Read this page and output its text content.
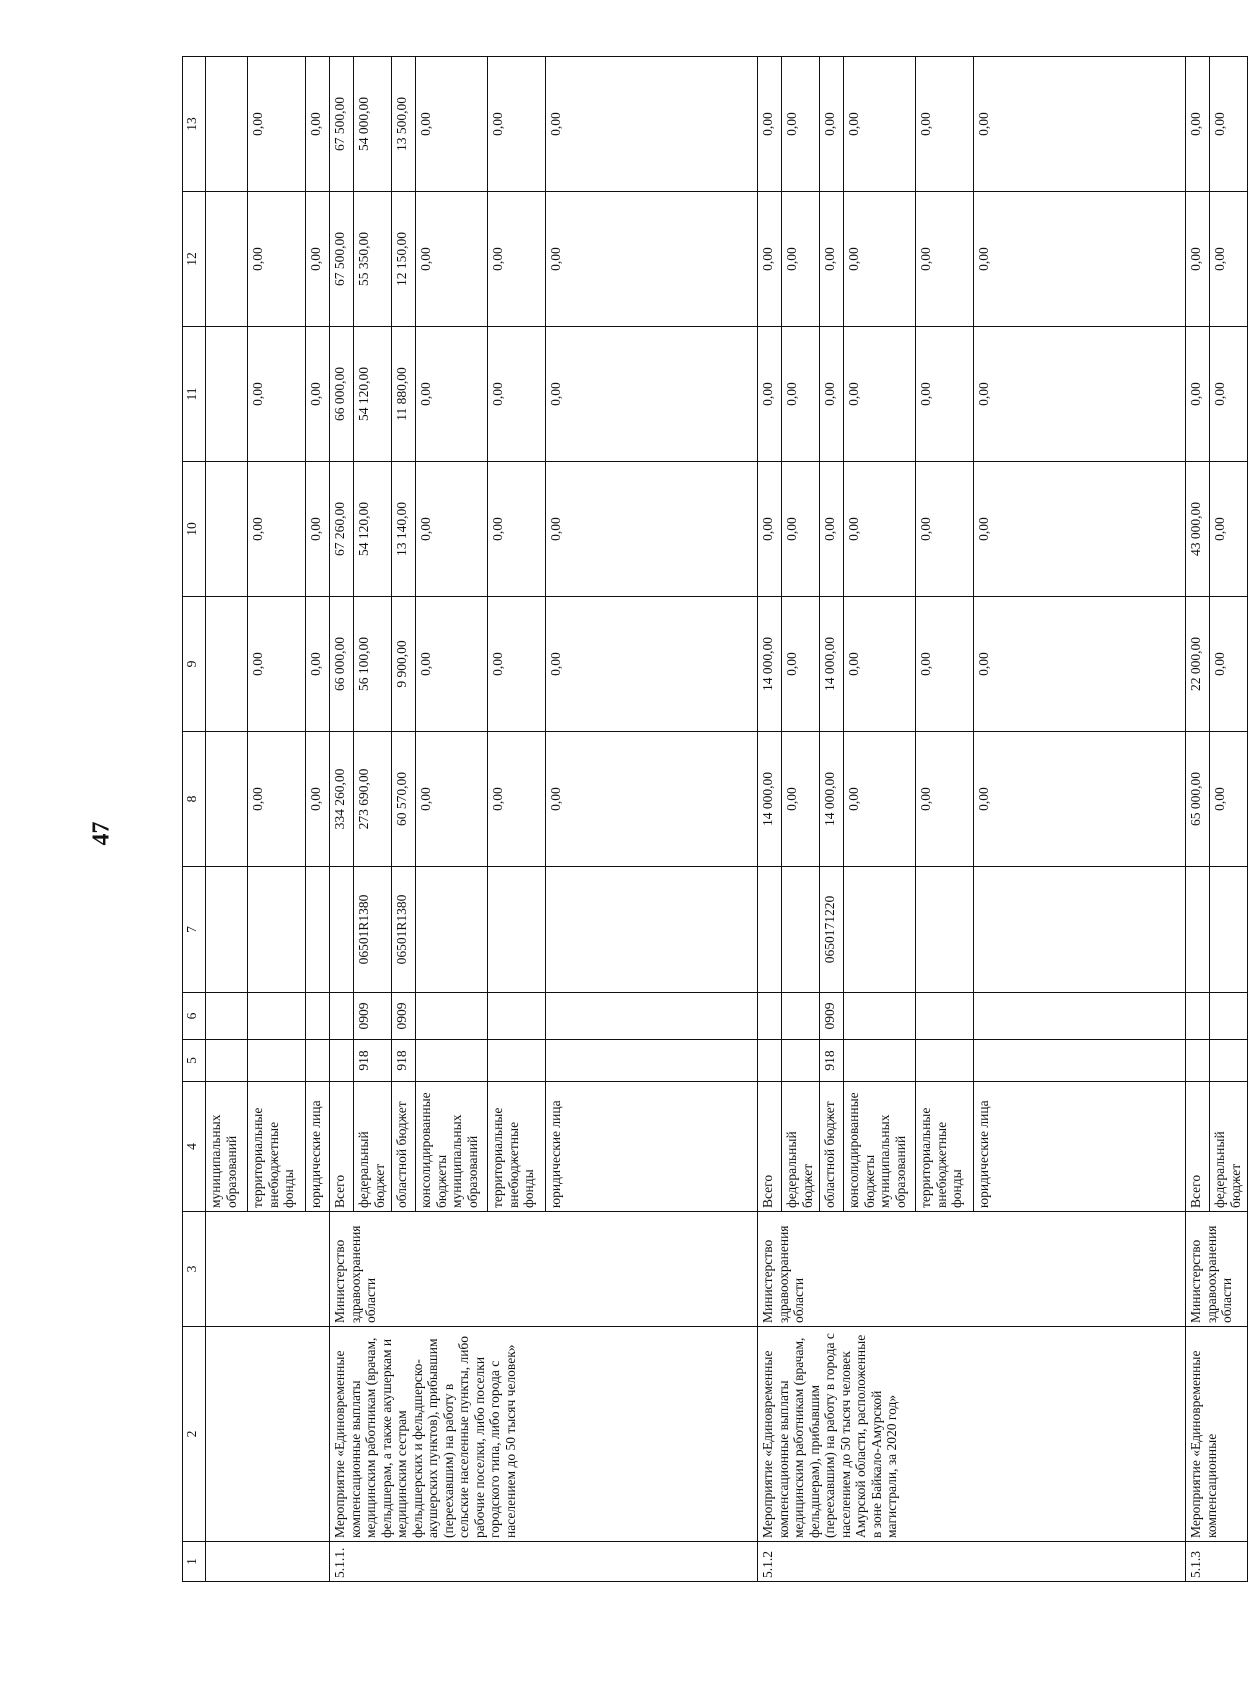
47
1	2	3	4	5	6	7	8	9	10	11	12	13
			муниципальных образований									
			территориальные внебюджетные фонды				0,00	0,00	0,00	0,00	0,00	0,00
			юридические лица				0,00	0,00	0,00	0,00	0,00	0,00
5.1.1.	Мероприятие «Единовременные компенсационные выплаты медицинским работникам (врачам, фельдшерам, а также акушеркам и медицинским сестрам фельдшерских и фельдшерско-акушерских пунктов), прибывшим (переехавшим) на работу в сельские населенные пункты, либо рабочие поселки, либо поселки городского типа, либо города с населением до 50 тысяч человек»	Министерство здравоохранения области	Всего				334 260,00	66 000,00	67 260,00	66 000,00	67 500,00	67 500,00
			федеральный бюджет	918	0909	06501R1380	273 690,00	56 100,00	54 120,00	54 120,00	55 350,00	54 000,00
			областной бюджет	918	0909	06501R1380	60 570,00	9 900,00	13 140,00	11 880,00	12 150,00	13 500,00
			консолидированные бюджеты муниципальных образований				0,00	0,00	0,00	0,00	0,00	0,00
			территориальные внебюджетные фонды				0,00	0,00	0,00	0,00	0,00	0,00
			юридические лица				0,00	0,00	0,00	0,00	0,00	0,00
5.1.2	Мероприятие «Единовременные компенсационные выплаты медицинским работникам (врачам, фельдшерам), прибывшим (переехавшим) на работу в города с населением до 50 тысяч человек Амурской области, расположенные в зоне Байкало-Амурской магистрали, за 2020 год»	Министерство здравоохранения области	Всего				14 000,00	14 000,00	0,00	0,00	0,00	0,00
			федеральный бюджет				0,00	0,00	0,00	0,00	0,00	0,00
			областной бюджет	918	0909	0650171220	14 000,00	14 000,00	0,00	0,00	0,00	0,00
			консолидированные бюджеты муниципальных образований				0,00	0,00	0,00	0,00	0,00	0,00
			территориальные внебюджетные фонды				0,00	0,00	0,00	0,00	0,00	0,00
			юридические лица				0,00	0,00	0,00	0,00	0,00	0,00
5.1.3	Мероприятие «Единовременные компенсационные	Министерство здравоохранения области	Всего				65 000,00	22 000,00	43 000,00	0,00	0,00	0,00
			федеральный бюджет				0,00	0,00	0,00	0,00	0,00	0,00
